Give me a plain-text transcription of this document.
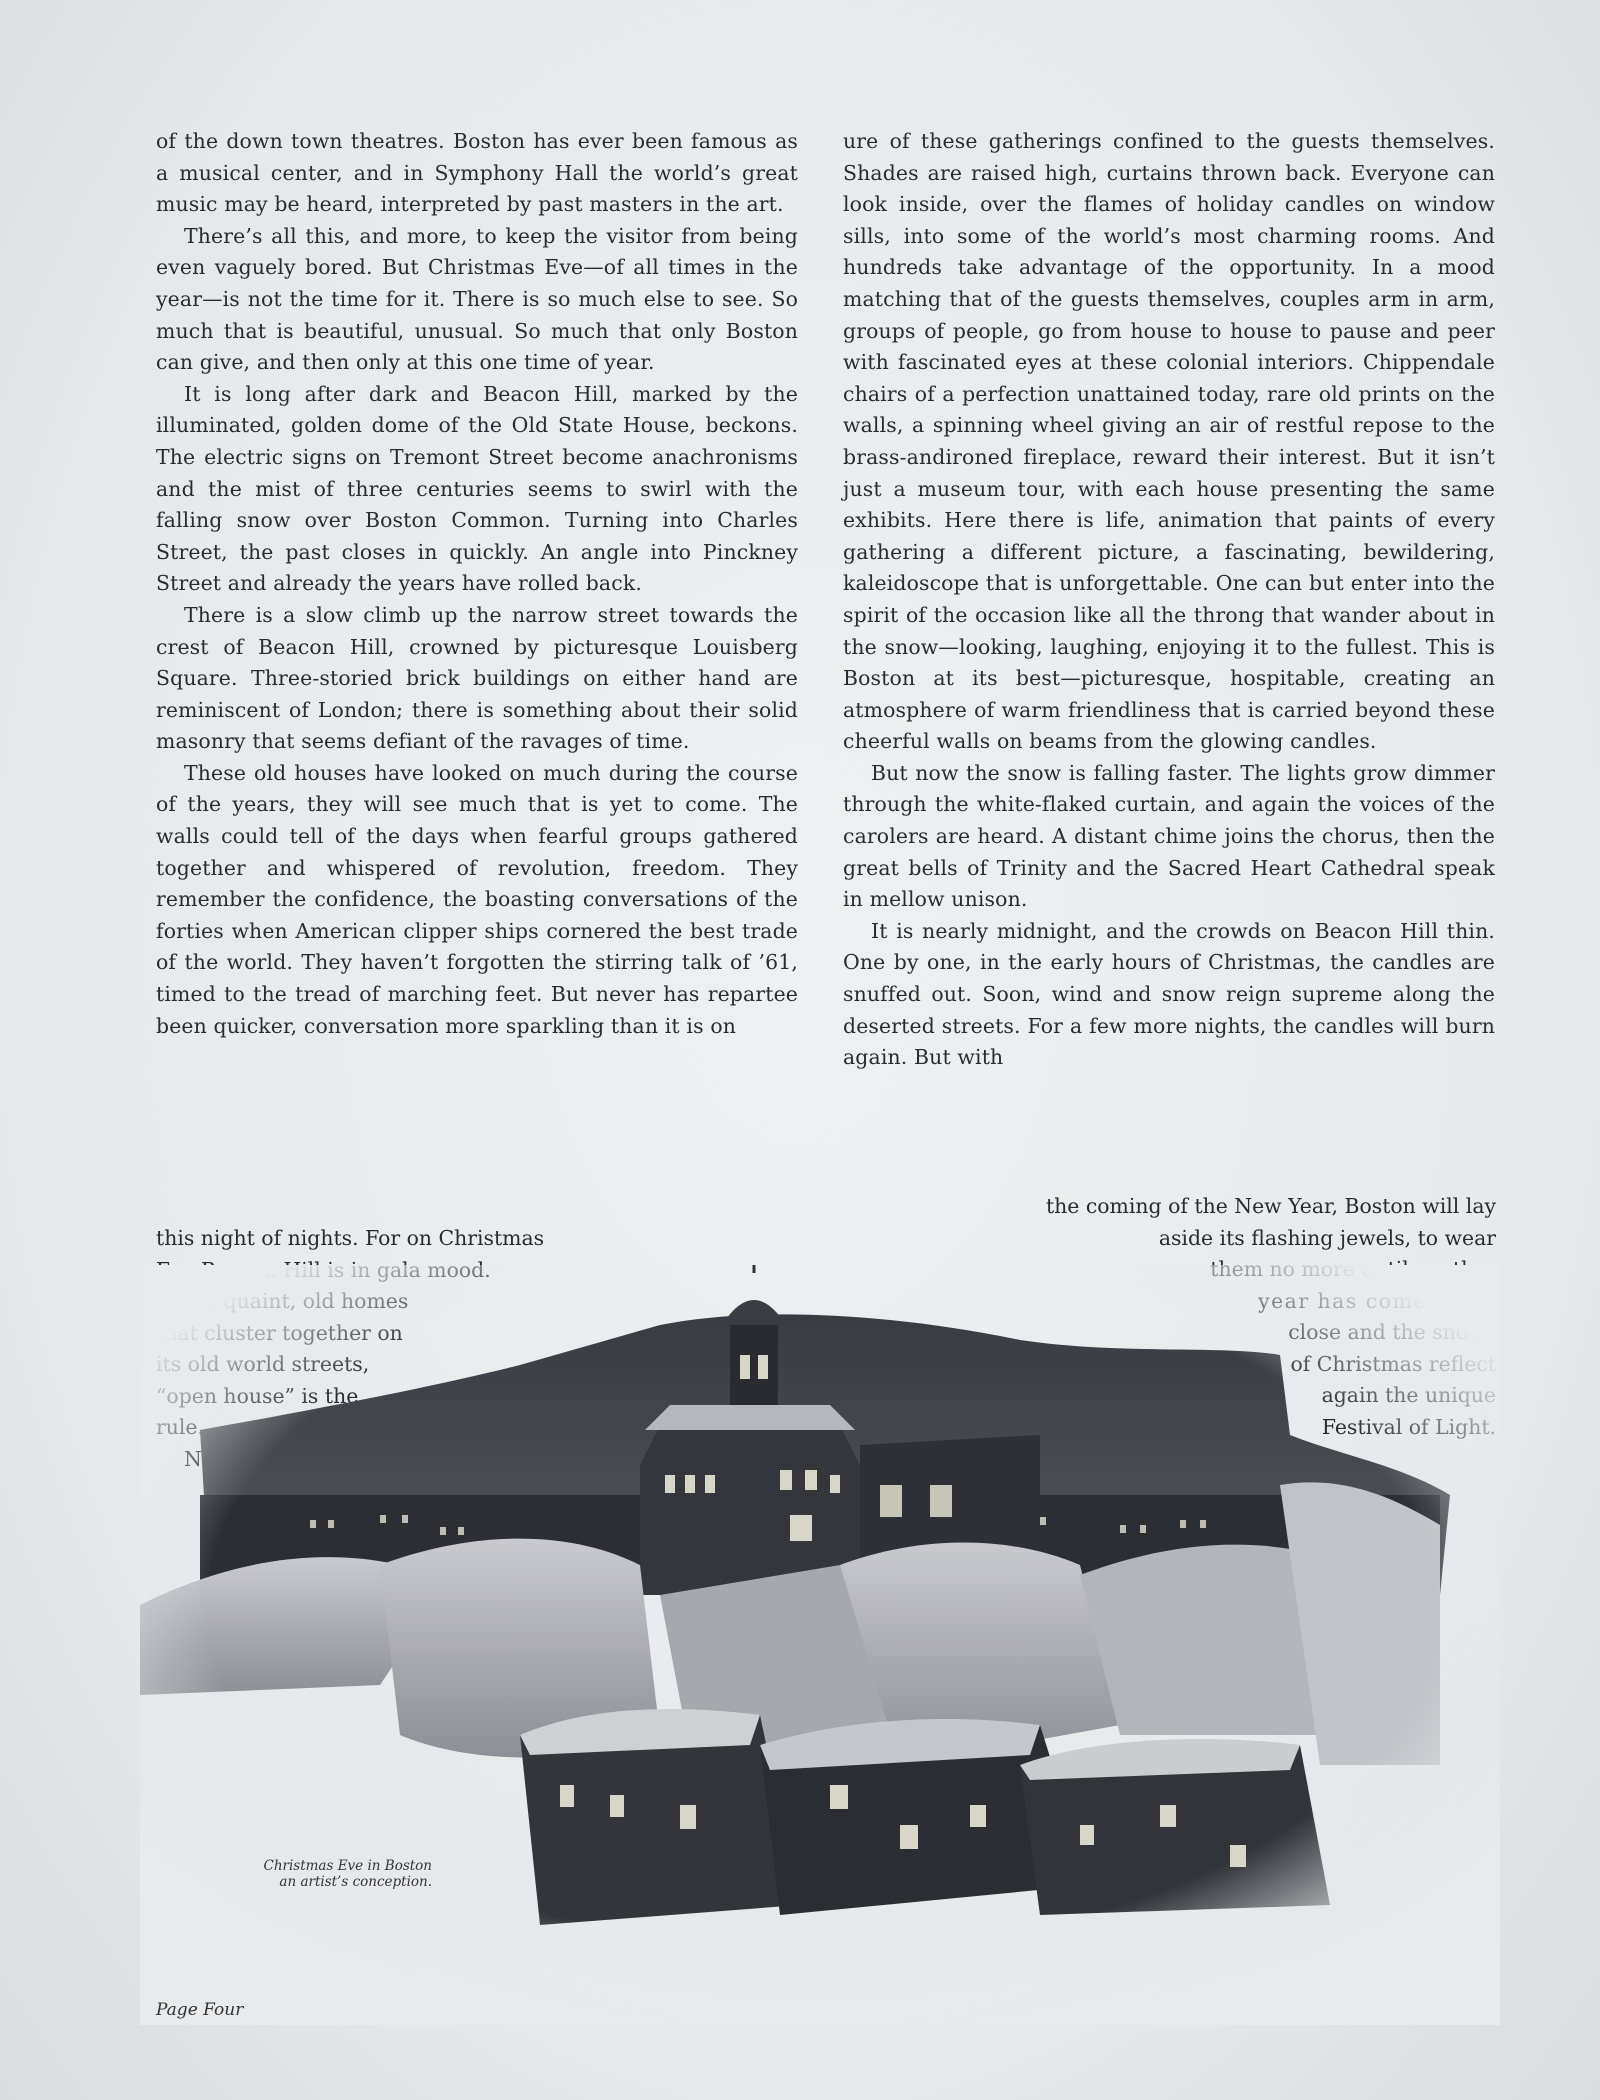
of the down town theatres. Boston has ever been famous as a musical center, and in Symphony Hall the world’s great music may be heard, interpreted by past masters in the art.

There’s all this, and more, to keep the visitor from being even vaguely bored. But Christmas Eve—of all times in the year—is not the time for it. There is so much else to see. So much that is beautiful, unusual. So much that only Boston can give, and then only at this one time of year.

It is long after dark and Beacon Hill, marked by the illuminated, golden dome of the Old State House, beckons. The electric signs on Tremont Street become anachronisms and the mist of three centuries seems to swirl with the falling snow over Boston Common. Turning into Charles Street, the past closes in quickly. An angle into Pinckney Street and already the years have rolled back.

There is a slow climb up the narrow street towards the crest of Beacon Hill, crowned by picturesque Louisberg Square. Three-storied brick buildings on either hand are reminiscent of London; there is something about their solid masonry that seems defiant of the ravages of time.

These old houses have looked on much during the course of the years, they will see much that is yet to come. The walls could tell of the days when fearful groups gathered together and whispered of revolution, freedom. They remember the confidence, the boasting conversations of the forties when American clipper ships cornered the best trade of the world. They haven’t forgotten the stirring talk of ’61, timed to the tread of marching feet. But never has repartee been quicker, conversation more sparkling than it is on

this night of nights. For on Christmas

ure of these gatherings confined to the guests themselves. Shades are raised high, curtains thrown back. Everyone can look inside, over the flames of holiday candles on window sills, into some of the world’s most charming rooms. And hundreds take advantage of the opportunity. In a mood matching that of the guests themselves, couples arm in arm, groups of people, go from house to house to pause and peer with fascinated eyes at these colonial interiors. Chippendale chairs of a perfection unattained today, rare old prints on the walls, a spinning wheel giving an air of restful repose to the brass-andironed fireplace, reward their interest. But it isn’t just a museum tour, with each house presenting the same exhibits. Here there is life, animation that paints of every gathering a different picture, a fascinating, bewildering, kaleidoscope that is unforgettable. One can but enter into the spirit of the occasion like all the throng that wander about in the snow—looking, laughing, enjoying it to the fullest. This is Boston at its best—picturesque, hospitable, creating an atmosphere of warm friendliness that is carried beyond these cheerful walls on beams from the glowing candles.

But now the snow is falling faster. The lights grow dimmer through the white-flaked curtain, and again the voices of the carolers are heard. A distant chime joins the chorus, then the great bells of Trinity and the Sacred Heart Cathedral speak in mellow unison.

It is nearly midnight, and the crowds on Beacon Hill thin. One by one, in the early hours of Christmas, the candles are snuffed out. Soon, wind and snow reign supreme along the deserted streets. For a few more nights, the candles will burn again. But with

the coming of the New Year, Boston will lay
aside its flashing jewels, to wear
Christmas Eve in Boston
an artist’s conception.
Page Four
